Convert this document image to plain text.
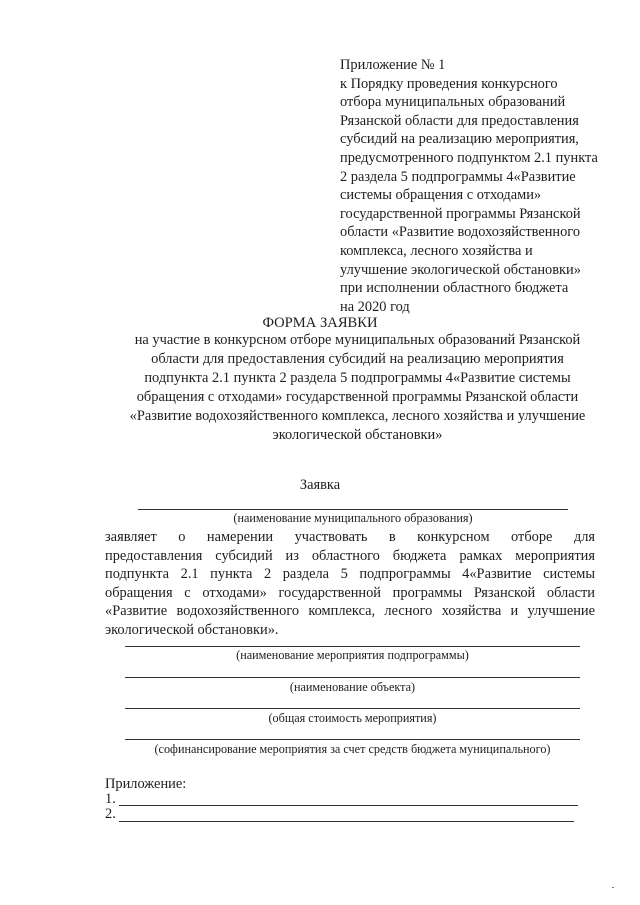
Приложение № 1
к Порядку проведения конкурсного
отбора муниципальных образований
Рязанской области для предоставления
субсидий на реализацию мероприятия,
предусмотренного подпунктом 2.1 пункта
2 раздела 5 подпрограммы 4«Развитие
системы обращения с отходами»
государственной программы Рязанской
области «Развитие водохозяйственного
комплекса, лесного хозяйства и
улучшение экологической обстановки»
при исполнении областного бюджета
на 2020 год
ФОРМА ЗАЯВКИ
на участие в конкурсном отборе муниципальных образований Рязанской
области для предоставления субсидий на реализацию мероприятия
подпункта 2.1 пункта 2 раздела 5 подпрограммы 4«Развитие системы
обращения с отходами» государственной программы Рязанской области
«Развитие водохозяйственного комплекса, лесного хозяйства и улучшение
экологической обстановки»
Заявка
(наименование муниципального образования)
заявляет о намерении участвовать в конкурсном отборе для
предоставления субсидий из областного бюджета рамках мероприятия
подпункта 2.1 пункта 2 раздела 5 подпрограммы 4«Развитие системы
обращения с отходами» государственной программы Рязанской области
«Развитие водохозяйственного комплекса, лесного хозяйства и улучшение
экологической обстановки».
(наименование мероприятия подпрограммы)
(наименование объекта)
(общая стоимость мероприятия)
(софинансирование мероприятия за счет средств бюджета муниципального)
Приложение:
1.
2.
